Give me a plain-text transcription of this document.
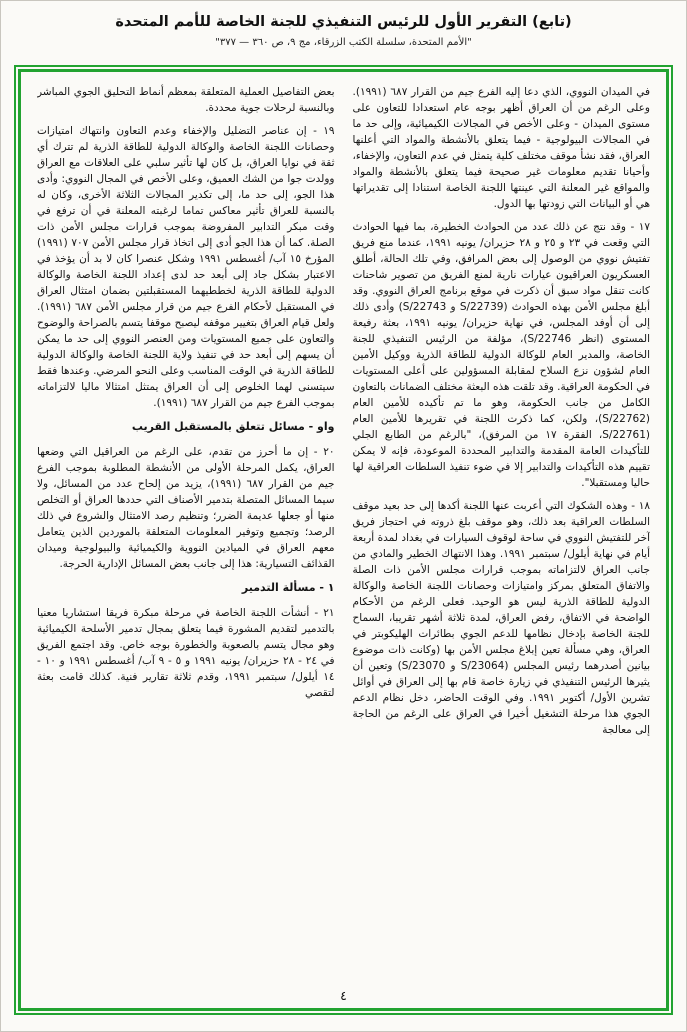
(تابع) التقرير الأول للرئيس التنفيذي للجنة الخاصة للأمم المتحدة
"الأمم المتحدة، سلسلة الكتب الزرقاء، مج ٩، ص ٣٦٠ — ٣٧٧"

في الميدان النووي، الذي دعا إليه الفرع جيم من القرار ٦٨٧ (١٩٩١). وعلى الرغم من أن العراق أظهر بوجه عام استعدادا للتعاون على مستوى الميدان - وعلى الأخص في المجالات الكيميائية، وإلى حد ما في المجالات البيولوجية - فيما يتعلق بالأنشطة والمواد التي أعلنها العراق، فقد نشأ موقف مختلف كلية يتمثل في عدم التعاون، والإخفاء، وأحيانا تقديم معلومات غير صحيحة فيما يتعلق بالأنشطة والمواد والمواقع غير المعلنة التي عينتها اللجنة الخاصة استنادا إلى تقديراتها هي أو البيانات التي زودتها بها الدول.

١٧ - وقد نتج عن ذلك عدد من الحوادث الخطيرة، بما فيها الحوادث التي وقعت في ٢٣ و ٢٥ و ٢٨ حزيران/ يونيه ١٩٩١، عندما منع فريق تفتيش نووي من الوصول إلى بعض المرافق، وفي تلك الحالة، أطلق العسكريون العراقيون عيارات نارية لمنع الفريق من تصوير شاحنات كانت تنقل مواد سبق أن ذكرت في موقع برنامج العراق النووي. وقد أبلغ مجلس الأمن بهذه الحوادث (S/22739 و S/22743) وأدى ذلك إلى أن أوفد المجلس، في نهاية حزيران/ يونيه ١٩٩١، بعثة رفيعة المستوى (انظر S/22746)، مؤلفة من الرئيس التنفيذي للجنة الخاصة، والمدير العام للوكالة الدولية للطاقة الذرية ووكيل الأمين العام لشؤون نزع السلاح لمقابلة المسؤولين على أعلى المستويات في الحكومة العراقية. وقد تلقت هذه البعثة مختلف الضمانات بالتعاون الكامل من جانب الحكومة، وهو ما تم تأكيده للأمين العام (S/22762)، ولكن، كما ذكرت اللجنة في تقريرها للأمين العام (S/22761، الفقرة ١٧ من المرفق)، "بالرغم من الطابع الجلي للتأكيدات العامة المقدمة والتدابير المحددة الموعودة، فإنه لا يمكن تقييم هذه التأكيدات والتدابير إلا في ضوء تنفيذ السلطات العراقية لها حاليا ومستقبلا".

١٨ - وهذه الشكوك التي أعربت عنها اللجنة أكدها إلى حد بعيد موقف السلطات العراقية بعد ذلك، وهو موقف بلغ ذروته في احتجاز فريق آخر للتفتيش النووي في ساحة لوقوف السيارات في بغداد لمدة أربعة أيام في نهاية أيلول/ سبتمبر ١٩٩١. وهذا الانتهاك الخطير والمادي من جانب العراق لالتزاماته بموجب قرارات مجلس الأمن ذات الصلة والاتفاق المتعلق بمركز وامتيازات وحصانات اللجنة الخاصة والوكالة الدولية للطاقة الذرية ليس هو الوحيد. فعلى الرغم من الأحكام الواضحة في الاتفاق، رفض العراق، لمدة ثلاثة أشهر تقريبا، السماح للجنة الخاصة بإدخال نظامها للدعم الجوي بطائرات الهليكوبتر في العراق، وهي مسألة تعين إبلاغ مجلس الأمن بها (وكانت ذات موضوع بيانين أصدرهما رئيس المجلس (S/23064 و S/23070) وتعين أن يثيرها الرئيس التنفيذي في زيارة خاصة قام بها إلى العراق في أوائل تشرين الأول/ أكتوبر ١٩٩١. وفي الوقت الحاضر، دخل نظام الدعم الجوي هذا مرحلة التشغيل أخيرا في العراق على الرغم من الحاجة إلى معالجة

بعض التفاصيل العملية المتعلقة بمعظم أنماط التحليق الجوي المباشر وبالنسبة لرحلات جوية محددة.

١٩ - إن عناصر التضليل والإخفاء وعدم التعاون وانتهاك امتيازات وحصانات اللجنة الخاصة والوكالة الدولية للطاقة الذرية لم تترك أي ثقة في نوايا العراق، بل كان لها تأثير سلبي على العلاقات مع العراق وولدت جوا من الشك العميق، وعلى الأخص في المجال النووي: وأدى هذا الجو، إلى حد ما، إلى تكدير المجالات الثلاثة الأخرى، وكان له بالنسبة للعراق تأثير معاكس تماما لرغبته المعلنة في أن ترفع في وقت مبكر التدابير المفروضة بموجب قرارات مجلس الأمن ذات الصلة. كما أن هذا الجو أدى إلى اتخاذ قرار مجلس الأمن ٧٠٧ (١٩٩١) المؤرخ ١٥ آب/ أغسطس ١٩٩١ وشكل عنصرا كان لا بد أن يؤخذ في الاعتبار بشكل جاد إلى أبعد حد لدى إعداد اللجنة الخاصة والوكالة الدولية للطاقة الذرية لخططيهما المستقبلتين بضمان امتثال العراق في المستقبل لأحكام الفرع جيم من قرار مجلس الأمن ٦٨٧ (١٩٩١). ولعل قيام العراق بتغيير موقفه ليصبح موقفا يتسم بالصراحة والوضوح والتعاون على جميع المستويات ومن العنصر النووي إلى حد ما يمكن أن يسهم إلى أبعد حد في تنفيذ ولاية اللجنة الخاصة والوكالة الدولية للطاقة الذرية في الوقت المناسب وعلى النحو المرضي. وعندها فقط سيتسنى لهما الخلوص إلى أن العراق يمتثل امتثالا ماليا لالتزاماته بموجب الفرع جيم من القرار ٦٨٧ (١٩٩١).

واو - مسائل تتعلق بالمستقبل القريب

٢٠ - إن ما أحرز من تقدم، على الرغم من العراقيل التي وضعها العراق، يكمل المرحلة الأولى من الأنشطة المطلوبة بموجب الفرع جيم من القرار ٦٨٧ (١٩٩١)، يزيد من إلحاح عدد من المسائل، ولا سيما المسائل المتصلة بتدمير الأصناف التي حددها العراق أو التخلص منها أو جعلها عديمة الضرر؛ وتنظيم رصد الامتثال والشروع في ذلك الرصد؛ وتجميع وتوفير المعلومات المتعلقة بالموردين الذين يتعامل معهم العراق في الميادين النووية والكيميائية والبيولوجية وميدان القذائف التسيارية: هذا إلى جانب بعض المسائل الإدارية الحرجة.

١ - مسألة التدمير

٢١ - أنشأت اللجنة الخاصة في مرحلة مبكرة فريقا استشاريا معنيا بالتدمير لتقديم المشورة فيما يتعلق بمجال تدمير الأسلحة الكيميائية وهو مجال يتسم بالصعوبة والخطورة بوجه خاص. وقد اجتمع الفريق في ٢٤ - ٢٨ حزيران/ يونيه ١٩٩١ و ٥ - ٩ آب/ أغسطس ١٩٩١ و ١٠ - ١٤ أيلول/ سبتمبر ١٩٩١، وقدم ثلاثة تقارير فنية. كذلك قامت بعثة لتقصي

٤
